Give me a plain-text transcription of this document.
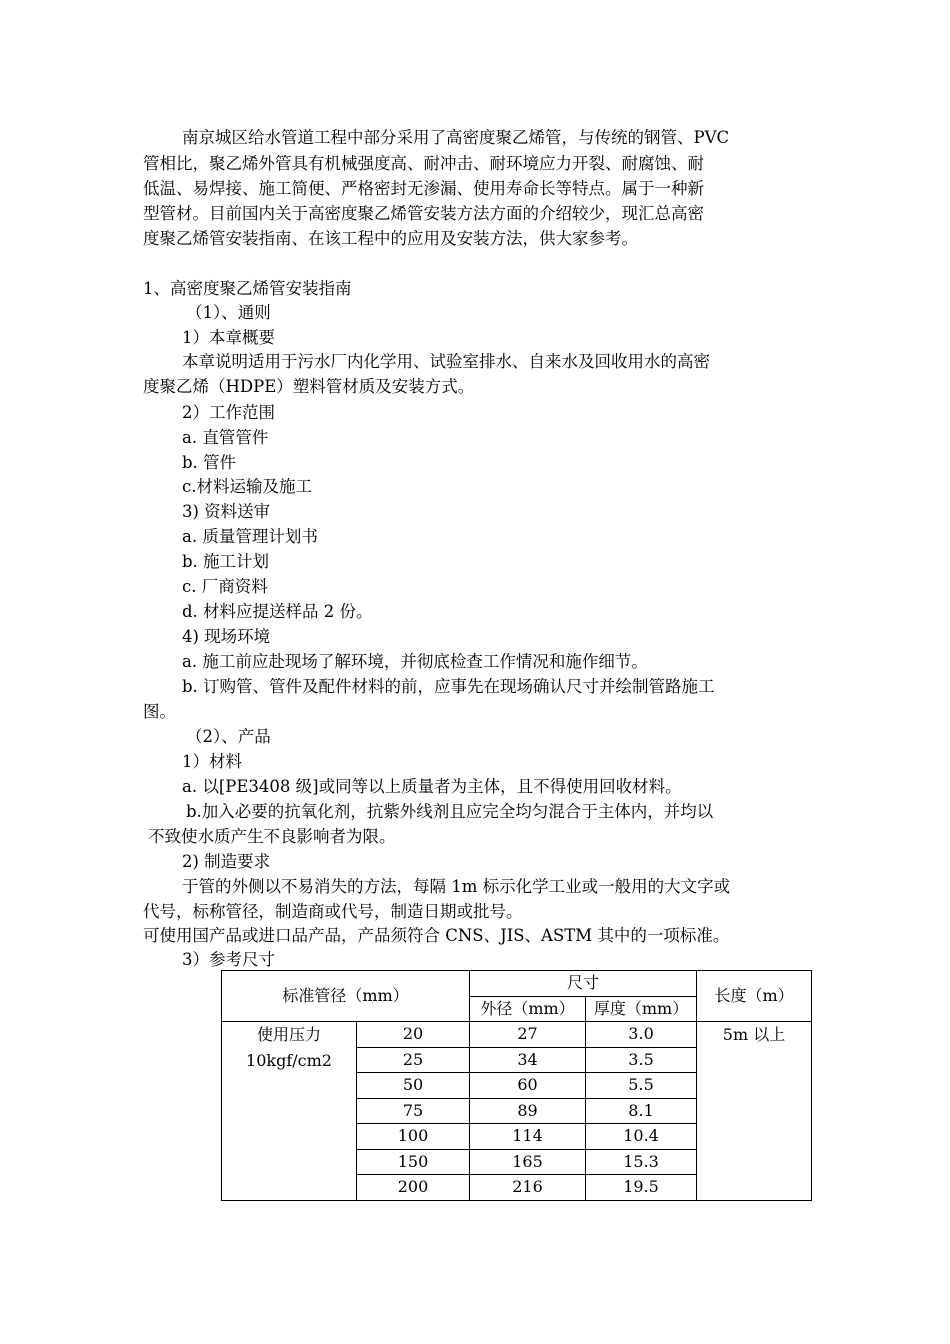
南京城区给水管道工程中部分采用了高密度聚乙烯管，与传统的钢管、PVC
管相比，聚乙烯外管具有机械强度高、耐冲击、耐环境应力开裂、耐腐蚀、耐
低温、易焊接、施工简便、严格密封无渗漏、使用寿命长等特点。属于一种新
型管材。目前国内关于高密度聚乙烯管安装方法方面的介绍较少，现汇总高密
度聚乙烯管安装指南、在该工程中的应用及安装方法，供大家参考。
1、高密度聚乙烯管安装指南
（1）、通则
1）本章概要
本章说明适用于污水厂内化学用、试验室排水、自来水及回收用水的高密
度聚乙烯（HDPE）塑料管材质及安装方式。
2）工作范围
a. 直管管件
b. 管件
c.材料运输及施工
3) 资料送审
a. 质量管理计划书
b. 施工计划
c. 厂商资料
d. 材料应提送样品 2 份。
4) 现场环境
a. 施工前应赴现场了解环境，并彻底检查工作情况和施作细节。
b. 订购管、管件及配件材料的前，应事先在现场确认尺寸并绘制管路施工
图。
（2）、产品
1）材料
a. 以[PE3408 级]或同等以上质量者为主体，且不得使用回收材料。
b.加入必要的抗氧化剂，抗紫外线剂且应完全均匀混合于主体内，并均以
不致使水质产生不良影响者为限。
2) 制造要求
于管的外侧以不易消失的方法，每隔 1m 标示化学工业或一般用的大文字或
代号，标称管径，制造商或代号，制造日期或批号。
可使用国产品或进口品产品，产品须符合 CNS、JIS、ASTM 其中的一项标准。
3）参考尺寸
标准管径（mm）		尺寸		长度（m）
		外径（mm）	厚度（mm）	

使用压力
10kgf/cm2	20	27	3.0	5m 以上
	25	34	3.5	
	50	60	5.5	
	75	89	8.1	
	100	114	10.4	
	150	165	15.3	
	200	216	19.5	
